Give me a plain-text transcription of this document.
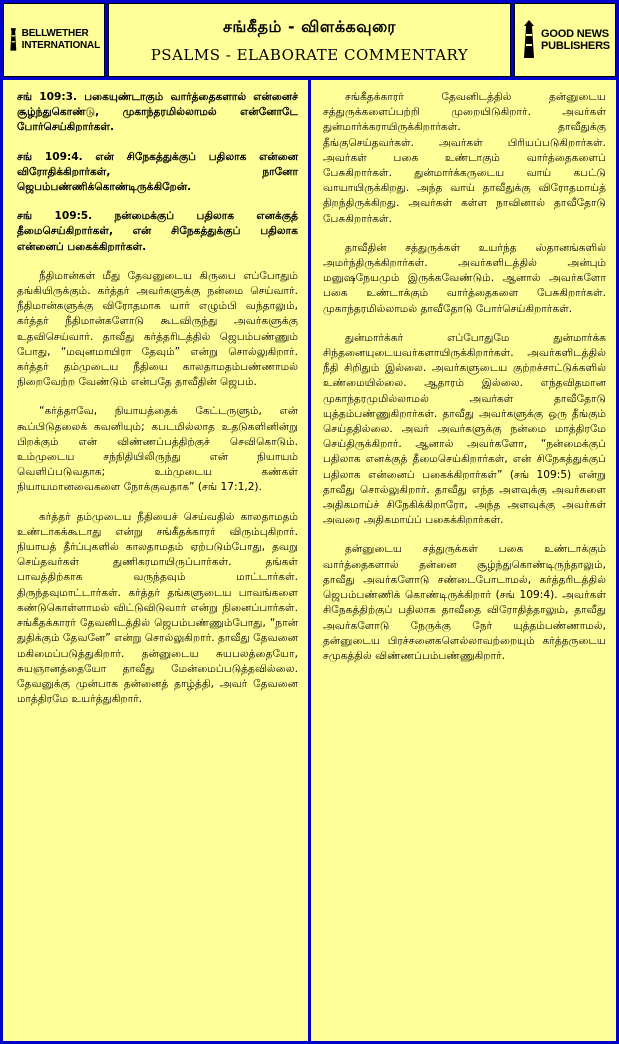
BELLWETHER
INTERNATIONAL
சங்கீதம் - விளக்கவுரை
PSALMS - ELABORATE COMMENTARY
GOOD NEWS
PUBLISHERS

சங் 109:3. பகையுண்டாகும் வார்த்தைகளால் என்னைச் சூழ்ந்துகொண்டு, முகாந்தரமில்லாமல் என்னோடே போர்செய்கிறார்கள்.

சங் 109:4. என் சிநேகத்துக்குப் பதிலாக என்னை விரோதிக்கிறார்கள், நானோ ஜெபம்பண்ணிக்கொண்டிருக்கிறேன்.

சங் 109:5. நன்மைக்குப் பதிலாக எனக்குத் தீமைசெய்கிறார்கள், என் சிநேகத்துக்குப் பதிலாக என்னைப் பகைக்கிறார்கள்.

நீதிமான்கள் மீது தேவனுடைய கிருபை எப்போதும் தங்கியிருக்கும். கர்த்தர் அவர்களுக்கு நன்மை செய்வார். நீதிமான்களுக்கு விரோதமாக யார் எழும்பி வந்தாலும், கர்த்தர் நீதிமான்களோடு கூடவிருந்து அவர்களுக்கு உதவிசெய்வார். தாவீது கர்த்தரிடத்தில் ஜெபம்பண்ணும் போது, “மவுனமாயிரா தேவும்” என்று சொல்லுகிறார். கர்த்தர் தம்முடைய நீதியை காலதாமதம்பண்ணாமல் நிறைவேற்ற வேண்டும் என்பதே தாவீதின் ஜெபம்.

“கர்த்தாவே, நியாயத்தைக் கேட்டருளும், என் கூப்பிடுதலைக் கவனியும்; கபடமில்லாத உதடுகளினின்று பிறக்கும் என் விண்ணப்பத்திற்குச் செவிகொடும். உம்முடைய சந்நிதியிலிருந்து என் நியாயம் வெளிப்படுவதாக; உம்முடைய கண்கள் நியாயமானவைகளை நோக்குவதாக” (சங் 17:1,2).

கர்த்தர் தம்முடைய நீதியைச் செய்வதில் காலதாமதம் உண்டாகக்கூடாது என்று சங்கீதக்காரர் விரும்புகிறார். நியாயத் தீர்ப்புகளில் காலதாமதம் ஏற்படும்போது, தவறு செய்தவர்கள் துணிகரமாயிருப்பார்கள். தங்கள் பாவத்திற்காக வருந்தவும் மாட்டார்கள். திருந்தவுமாட்டார்கள். கர்த்தர் தங்களுடைய பாவங்களை கண்டுகொள்ளாமல் விட்டுவிடுவார் என்று நினைப்பார்கள். சங்கீதக்காரர் தேவனிடத்தில் ஜெபம்பண்ணும்போது, “நான் துதிக்கும் தேவனே” என்று சொல்லுகிறார். தாவீது தேவனை மகிமைப்படுத்துகிறார். தன்னுடைய சுயபலத்தையோ, சுயஞானத்தையோ தாவீது மேன்மைப்படுத்தவில்லை. தேவனுக்கு முன்பாக தன்னைத் தாழ்த்தி, அவர் தேவனை மாத்திரமே உயர்த்துகிறார்.

சங்கீதக்காரர் தேவனிடத்தில் தன்னுடைய சத்துருக்களைப்பற்றி முறையிடுகிறார். அவர்கள் துன்மார்க்கராயிருக்கிறார்கள். தாவீதுக்கு தீங்குசெய்தவர்கள். அவர்கள் பிரியப்படுகிறார்கள். அவர்கள் பகை உண்டாகும் வார்த்தைகளைப் பேசுகிறார்கள். துன்மார்க்கருடைய வாய் கபட்டு வாயாயிருக்கிறது. அந்த வாய் தாவீதுக்கு விரோதமாய்த் திறந்திருக்கிறது. அவர்கள் கள்ள நாவினால் தாவீதோடு பேசுகிறார்கள்.

தாவீதின் சத்துருக்கள் உயர்ந்த ஸ்தானங்களில் அமர்ந்திருக்கிறார்கள். அவர்களிடத்தில் அன்பும் மனுஷநேயமும் இருக்கவேண்டும். ஆனால் அவர்களோ பகை உண்டாக்கும் வார்த்தைகளை பேசுகிறார்கள். முகாந்தரமில்லாமல் தாவீதோடு போர்செய்கிறார்கள்.

துன்மார்க்கர் எப்போதுமே துன்மார்க்க சிந்தனையுடையவர்களாயிருக்கிறார்கள். அவர்களிடத்தில் நீதி சிறிதும் இல்லை. அவர்களுடைய குற்றச்சாட்டுக்களில் உண்மையில்லை. ஆதாரம் இல்லை. எந்தவிதமான முகாந்தரமுமில்லாமல் அவர்கள் தாவீதோடு யுத்தம்பண்ணுகிறார்கள். தாவீது அவர்களுக்கு ஒரு தீங்கும் செய்ததில்லை. அவர் அவர்களுக்கு நன்மை மாத்திரமே செய்திருக்கிறார். ஆனால் அவர்களோ, “நன்மைக்குப் பதிலாக எனக்குத் தீமைசெய்கிறார்கள், என் சிநேகத்துக்குப் பதிலாக என்னைப் பகைக்கிறார்கள்” (சங் 109:5) என்று தாவீது சொல்லுகிறார். தாவீது எந்த அளவுக்கு அவர்களை அதிகமாய்ச் சிநேகிக்கிறாரோ, அந்த அளவுக்கு அவர்கள் அவரை அதிகமாய்ப் பகைக்கிறார்கள்.

தன்னுடைய சத்துருக்கள் பகை உண்டாக்கும் வார்த்தைகளால் தன்னை சூழ்ந்துகொண்டிருந்தாலும், தாவீது அவர்களோடு சண்டைபோடாமல், கர்த்தரிடத்தில் ஜெபம்பண்ணிக் கொண்டிருக்கிறார் (சங் 109:4). அவர்கள் சிநேகத்திற்குப் பதிலாக தாவீதை விரோதித்தாலும், தாவீது அவர்களோடு நேருக்கு நேர் யுத்தம்பண்ணாமல், தன்னுடைய பிரச்சனைகளெல்லாவற்றையும் கர்த்தருடைய சமுகத்தில் விண்ணப்பம்பண்ணுகிறார்.
